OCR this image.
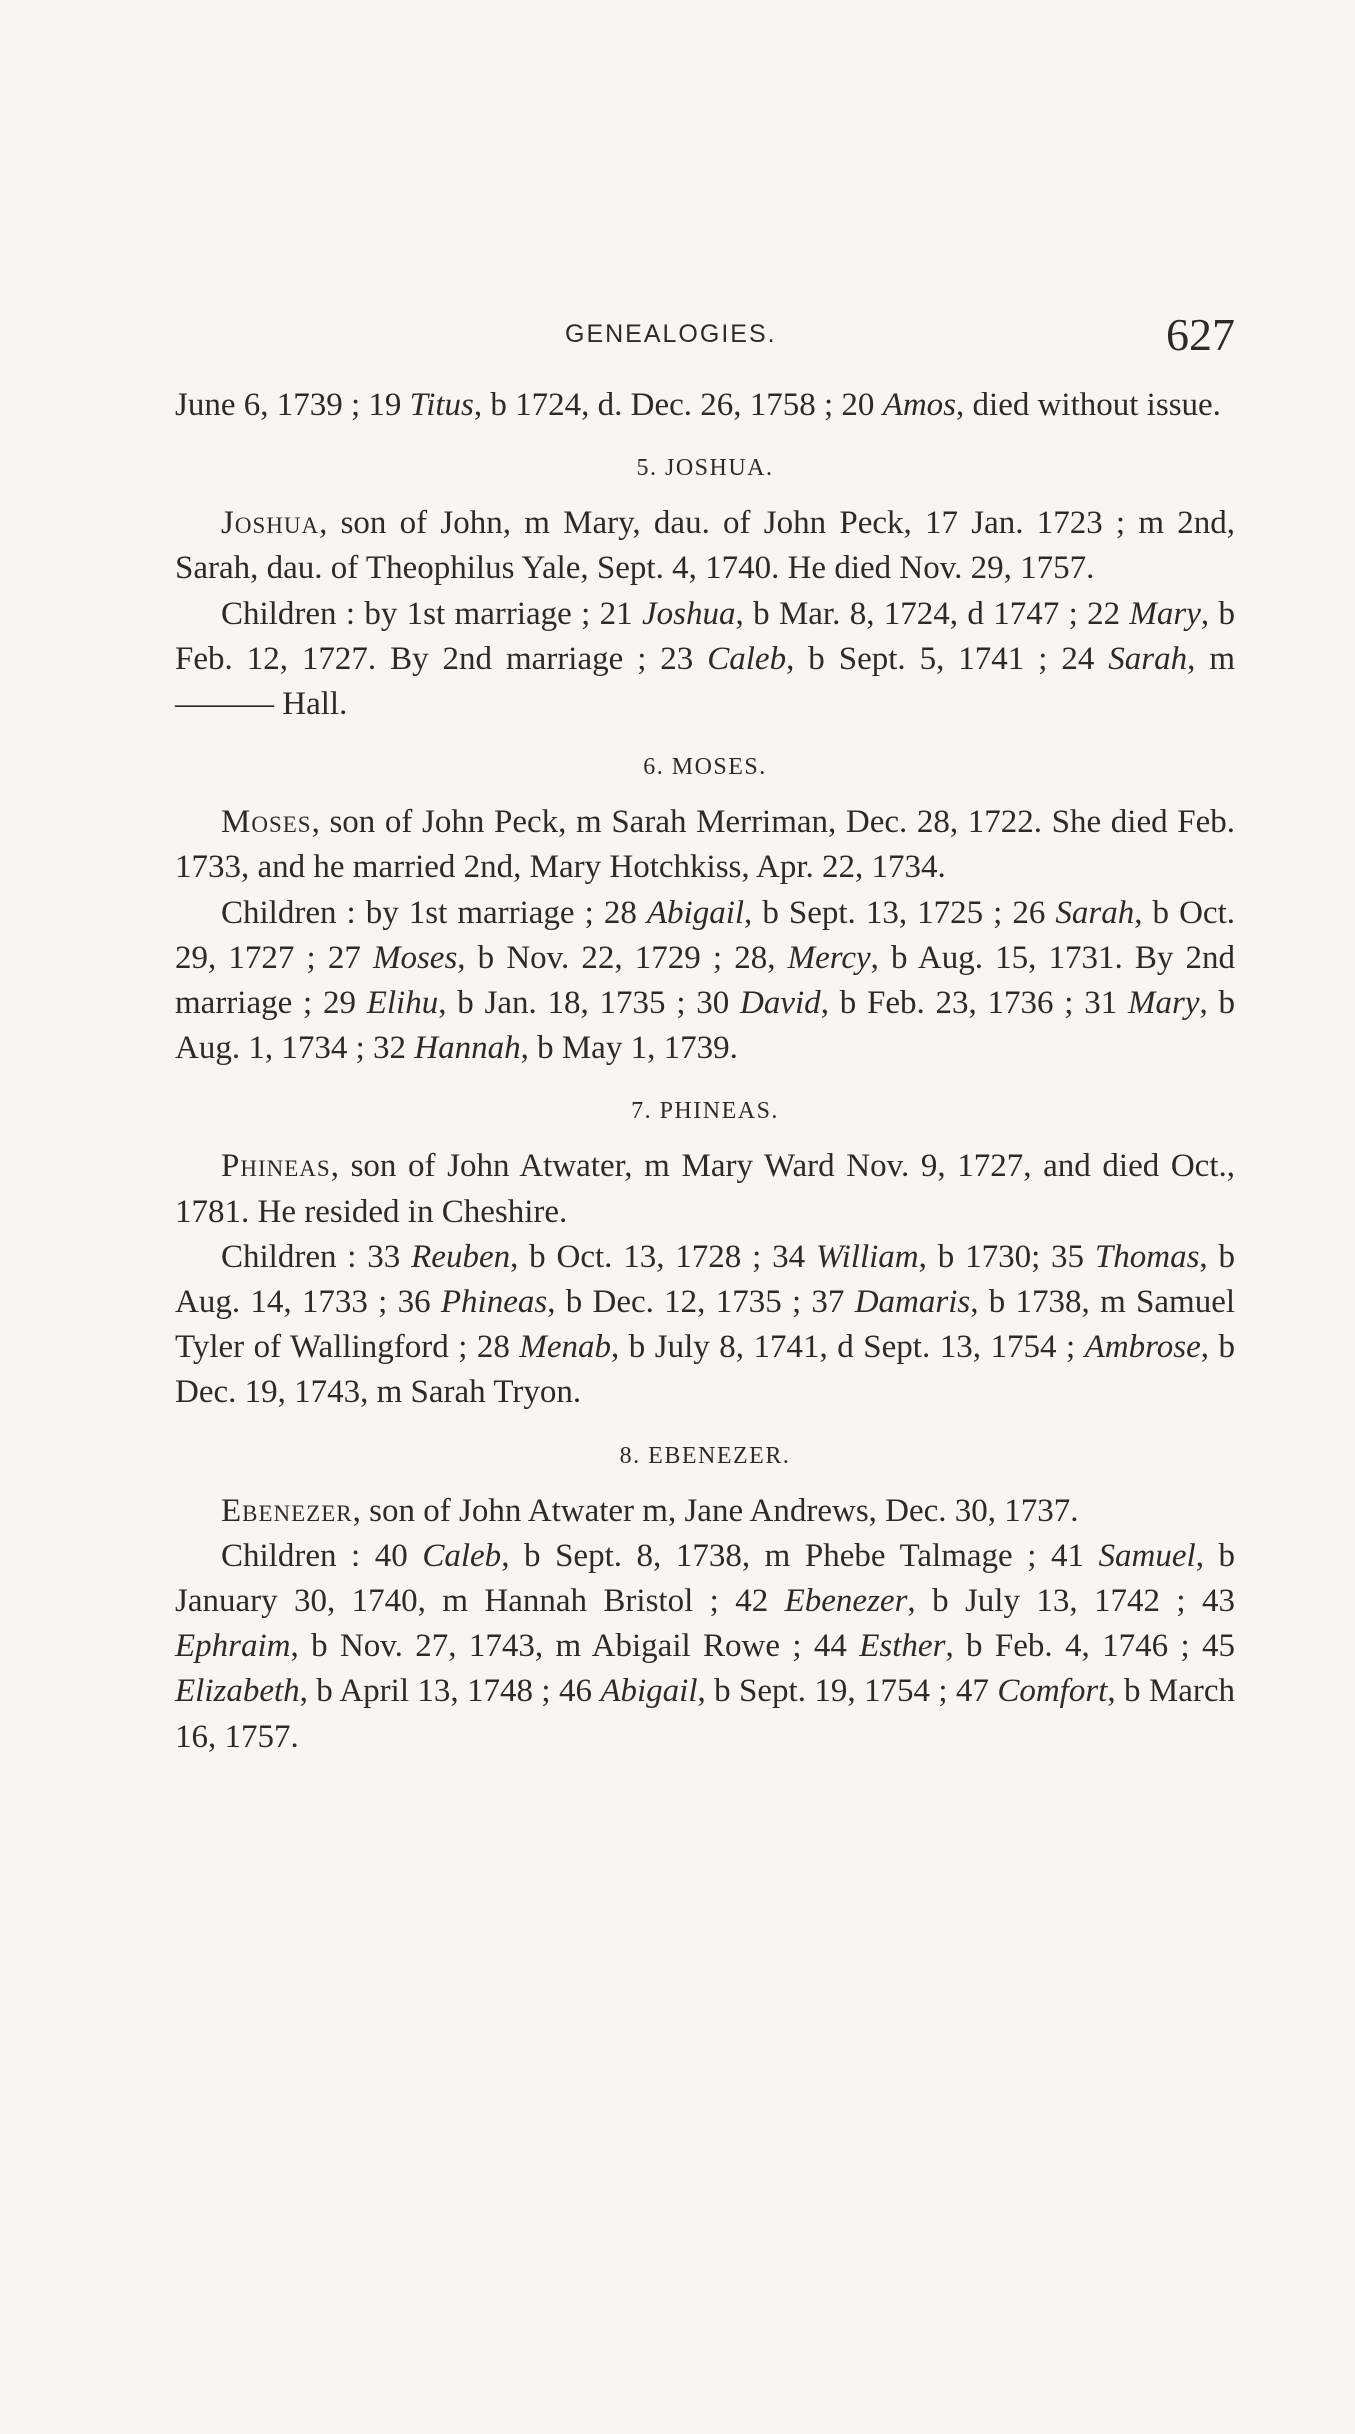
GENEALOGIES.	627

June 6, 1739 ; 19 Titus, b 1724, d. Dec. 26, 1758 ; 20 Amos, died without issue.

5. JOSHUA.

Joshua, son of John, m Mary, dau. of John Peck, 17 Jan. 1723 ; m 2nd, Sarah, dau. of Theophilus Yale, Sept. 4, 1740. He died Nov. 29, 1757.

Children : by 1st marriage ; 21 Joshua, b Mar. 8, 1724, d 1747 ; 22 Mary, b Feb. 12, 1727. By 2nd marriage ; 23 Caleb, b Sept. 5, 1741 ; 24 Sarah, m ——— Hall.

6. MOSES.

Moses, son of John Peck, m Sarah Merriman, Dec. 28, 1722. She died Feb. 1733, and he married 2nd, Mary Hotchkiss, Apr. 22, 1734.

Children : by 1st marriage ; 28 Abigail, b Sept. 13, 1725 ; 26 Sarah, b Oct. 29, 1727 ; 27 Moses, b Nov. 22, 1729 ; 28, Mercy, b Aug. 15, 1731. By 2nd marriage ; 29 Elihu, b Jan. 18, 1735 ; 30 David, b Feb. 23, 1736 ; 31 Mary, b Aug. 1, 1734 ; 32 Hannah, b May 1, 1739.

7. PHINEAS.

Phineas, son of John Atwater, m Mary Ward Nov. 9, 1727, and died Oct., 1781. He resided in Cheshire.

Children : 33 Reuben, b Oct. 13, 1728 ; 34 William, b 1730; 35 Thomas, b Aug. 14, 1733 ; 36 Phineas, b Dec. 12, 1735 ; 37 Damaris, b 1738, m Samuel Tyler of Wallingford ; 28 Menab, b July 8, 1741, d Sept. 13, 1754 ; Ambrose, b Dec. 19, 1743, m Sarah Tryon.

8. EBENEZER.

Ebenezer, son of John Atwater m, Jane Andrews, Dec. 30, 1737.

Children : 40 Caleb, b Sept. 8, 1738, m Phebe Talmage ; 41 Samuel, b January 30, 1740, m Hannah Bristol ; 42 Ebenezer, b July 13, 1742 ; 43 Ephraim, b Nov. 27, 1743, m Abigail Rowe ; 44 Esther, b Feb. 4, 1746 ; 45 Elizabeth, b April 13, 1748 ; 46 Abigail, b Sept. 19, 1754 ; 47 Comfort, b March 16, 1757.
